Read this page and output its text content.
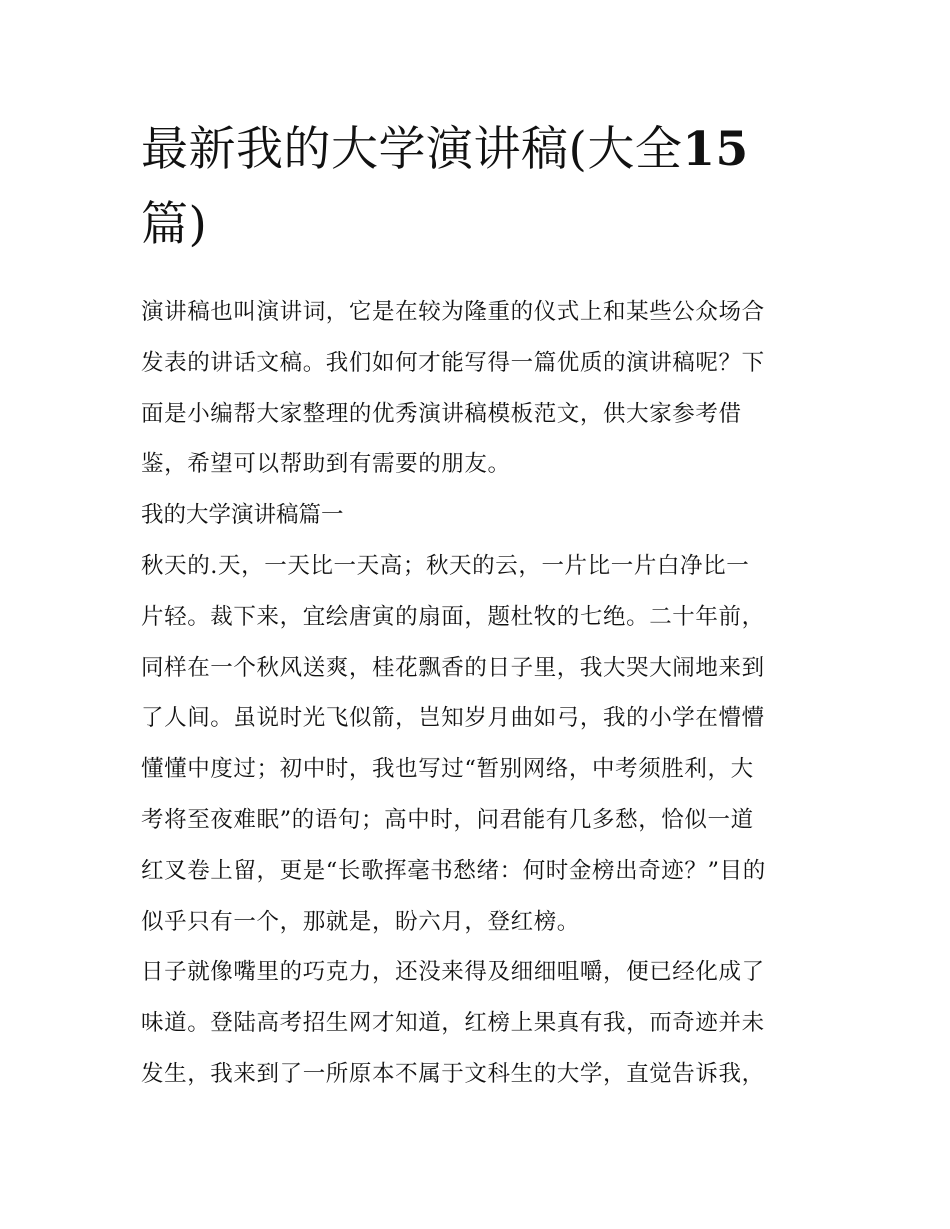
最新我的大学演讲稿(大全15
篇)

演讲稿也叫演讲词，它是在较为隆重的仪式上和某些公众场合
发表的讲话文稿。我们如何才能写得一篇优质的演讲稿呢？下
面是小编帮大家整理的优秀演讲稿模板范文，供大家参考借
鉴，希望可以帮助到有需要的朋友。

我的大学演讲稿篇一

秋天的.天，一天比一天高；秋天的云，一片比一片白净比一
片轻。裁下来，宜绘唐寅的扇面，题杜牧的七绝。二十年前，
同样在一个秋风送爽，桂花飘香的日子里，我大哭大闹地来到
了人间。虽说时光飞似箭，岂知岁月曲如弓，我的小学在懵懵
懂懂中度过；初中时，我也写过“暂别网络，中考须胜利，大
考将至夜难眠”的语句；高中时，问君能有几多愁，恰似一道
红叉卷上留，更是“长歌挥毫书愁绪：何时金榜出奇迹？”目的
似乎只有一个，那就是，盼六月，登红榜。

日子就像嘴里的巧克力，还没来得及细细咀嚼，便已经化成了
味道。登陆高考招生网才知道，红榜上果真有我，而奇迹并未
发生，我来到了一所原本不属于文科生的大学，直觉告诉我，
